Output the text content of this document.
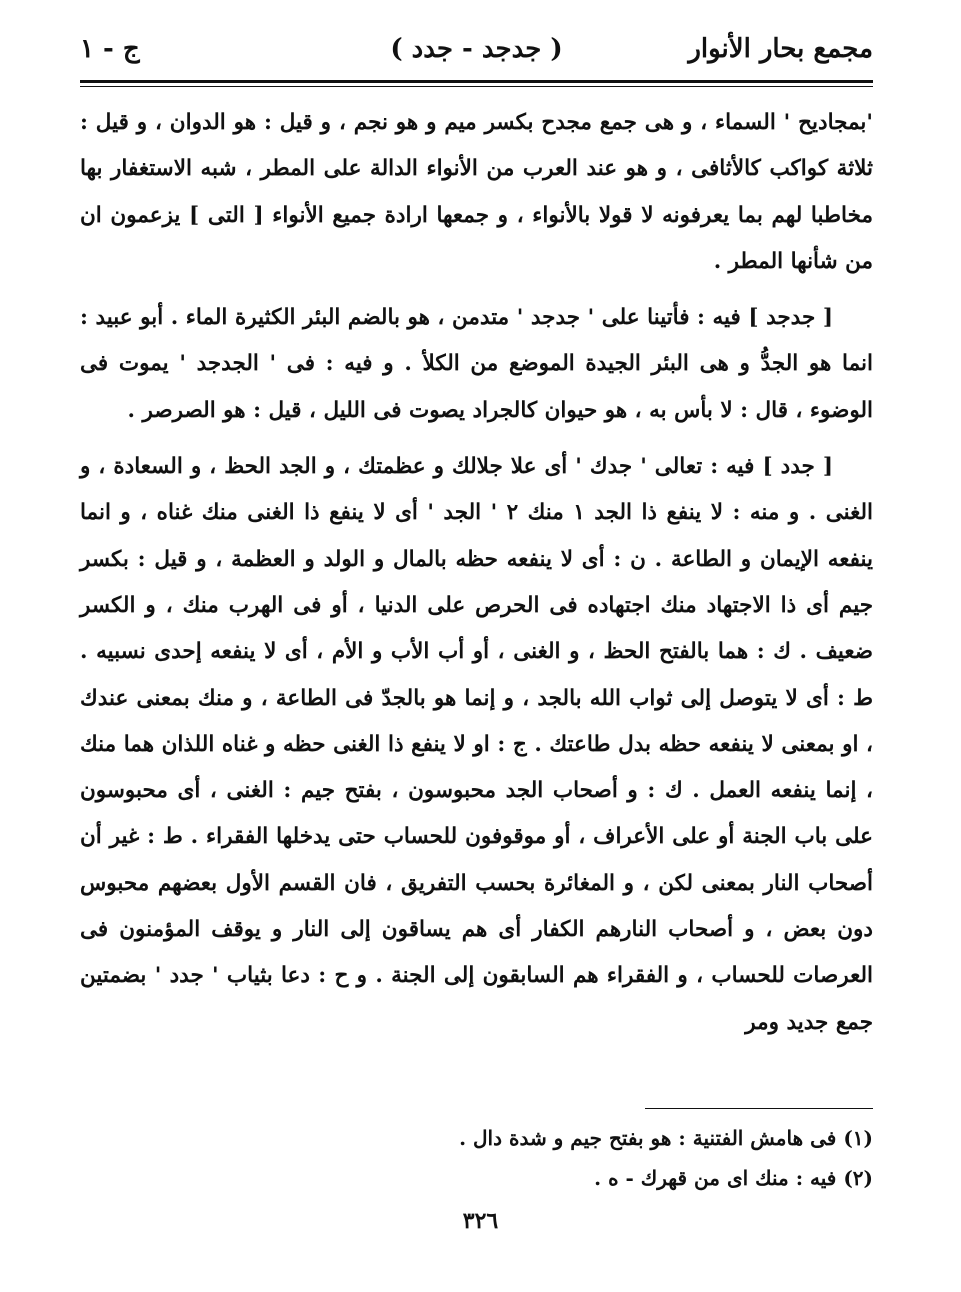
مجمع بحار الأنوار
( جدجد - جدد )
ج - ١

'بمجاديح ' السماء ، و هى جمع مجدح بكسر ميم و هو نجم ، و قيل : هو الدوان ، و قيل : ثلاثة كواكب كالأثافى ، و هو عند العرب من الأنواء الدالة على المطر ، شبه الاستغفار بها مخاطبا لهم بما يعرفونه لا قولا بالأنواء ، و جمعها ارادة جميع الأنواء [ التى ] يزعمون ان من شأنها المطر .

[ جدجد ] فيه : فأتينا على ' جدجد ' متدمن ، هو بالضم البئر الكثيرة الماء . أبو عبيد : انما هو الجدُّ و هى البئر الجيدة الموضع من الكلأ . و فيه : فى ' الجدجد ' يموت فى الوضوء ، قال : لا بأس به ، هو حيوان كالجراد يصوت فى الليل ، قيل : هو الصرصر .

[ جدد ] فيه : تعالى ' جدك ' أى علا جلالك و عظمتك ، و الجد الحظ ، و السعادة ، و الغنى . و منه : لا ينفع ذا الجد ١ منك ٢ ' الجد ' أى لا ينفع ذا الغنى منك غناه ، و انما ينفعه الإيمان و الطاعة . ن : أى لا ينفعه حظه بالمال و الولد و العظمة ، و قيل : بكسر جيم أى ذا الاجتهاد منك اجتهاده فى الحرص على الدنيا ، أو فى الهرب منك ، و الكسر ضعيف . ك : هما بالفتح الحظ ، و الغنى ، أو أب الأب و الأم ، أى لا ينفعه إحدى نسبيه . ط : أى لا يتوصل إلى ثواب الله بالجد ، و إنما هو بالجدّ فى الطاعة ، و منك بمعنى عندك ، او بمعنى لا ينفعه حظه بدل طاعتك . ج : او لا ينفع ذا الغنى حظه و غناه اللذان هما منك ، إنما ينفعه العمل . ك : و أصحاب الجد محبوسون ، بفتح جيم : الغنى ، أى محبوسون على باب الجنة أو على الأعراف ، أو موقوفون للحساب حتى يدخلها الفقراء . ط : غير أن أصحاب النار بمعنى لكن ، و المغائرة بحسب التفريق ، فان القسم الأول بعضهم محبوس دون بعض ، و أصحاب النارهم الكفار أى هم يساقون إلى النار و يوقف المؤمنون فى العرصات للحساب ، و الفقراء هم السابقون إلى الجنة . و ح : دعا بثياب ' جدد ' بضمتين جمع جديد ومر

(١) فى هامش الفتنية : هو بفتح جيم و شدة دال .
(٢) فيه : منك اى من قهرك - ه .
٣٢٦
